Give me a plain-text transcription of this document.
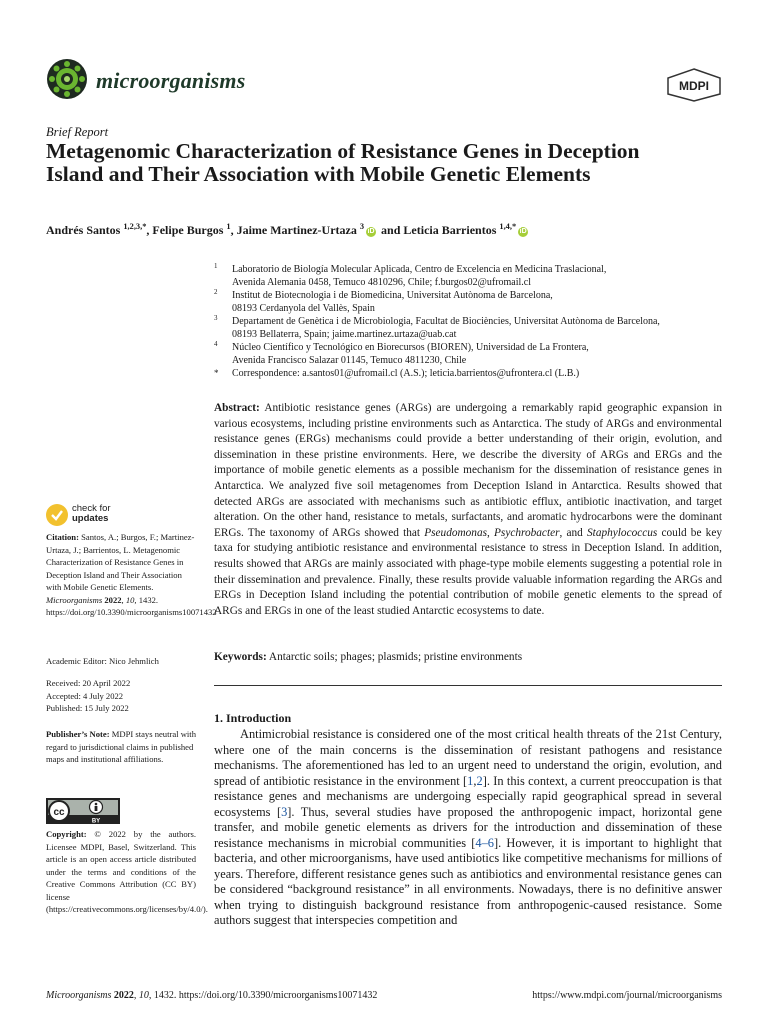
microorganisms	MDPI
Brief Report
Metagenomic Characterization of Resistance Genes in Deception Island and Their Association with Mobile Genetic Elements
Andrés Santos $^{1,2,3,*}$, Felipe Burgos $^1$, Jaime Martinez-Urtaza $^3$iD and Leticia Barrientos $^{1,4,*}$iD
1 Laboratorio de Biología Molecular Aplicada, Centro de Excelencia en Medicina Traslacional,
Avenida Alemania 0458, Temuco 4810296, Chile; f.burgos02@ufromail.cl
2 Institut de Biotecnologia i de Biomedicina, Universitat Autònoma de Barcelona,
08193 Cerdanyola del Vallès, Spain
3 Departament de Genètica i de Microbiologia, Facultat de Biociències, Universitat Autònoma de Barcelona,
08193 Bellaterra, Spain; jaime.martinez.urtaza@uab.cat
4 Núcleo Científico y Tecnológico en Biorecursos (BIOREN), Universidad de La Frontera,
Avenida Francisco Salazar 01145, Temuco 4811230, Chile
* Correspondence: a.santos01@ufromail.cl (A.S.); leticia.barrientos@ufrontera.cl (L.B.)
Abstract: Antibiotic resistance genes (ARGs) are undergoing a remarkably rapid geographic expansion in various ecosystems, including pristine environments such as Antarctica. The study of ARGs and environmental resistance genes (ERGs) mechanisms could provide a better understanding of their origin, evolution, and dissemination in these pristine environments. Here, we describe the diversity of ARGs and ERGs and the importance of mobile genetic elements as a possible mechanism for the dissemination of resistance genes in Antarctica. We analyzed five soil metagenomes from Deception Island in Antarctica. Results showed that detected ARGs are associated with mechanisms such as antibiotic efflux, antibiotic inactivation, and target alteration. On the other hand, resistance to metals, surfactants, and aromatic hydrocarbons were the dominant ERGs. The taxonomy of ARGs showed that Pseudomonas, Psychrobacter, and Staphylococcus could be key taxa for studying antibiotic resistance and environmental resistance to stress in Deception Island. In addition, results showed that ARGs are mainly associated with phage-type mobile elements suggesting a potential role in their dissemination and prevalence. Finally, these results provide valuable information regarding the ARGs and ERGs in Deception Island including the potential contribution of mobile genetic elements to the spread of ARGs and ERGs in one of the least studied Antarctic ecosystems to date.
Keywords: Antarctic soils; phages; plasmids; pristine environments
1. Introduction

Antimicrobial resistance is considered one of the most critical health threats of the 21st Century, where one of the main concerns is the dissemination of resistant pathogens and resistance mechanisms. The aforementioned has led to an urgent need to understand the origin, evolution, and spread of antibiotic resistance in the environment [1,2]. In this context, a current preoccupation is that resistance genes and mechanisms are undergoing especially rapid geographical spread in several ecosystems [3]. Thus, several studies have proposed the anthropogenic impact, horizontal gene transfer, and mobile genetic elements as drivers for the introduction and dissemination of these resistance mechanisms in microbial communities [4–6]. However, it is important to highlight that bacteria, and other microorganisms, have used antibiotics like competitive mechanisms for millions of years. Therefore, different resistance genes such as antibiotics and environmental resistance genes can be considered “background resistance” in all environments. Nowadays, there is no definitive answer when trying to distinguish background resistance from anthropogenic-caused resistance. Some authors suggest that interspecies competition and

check for
updates
Citation: Santos, A.; Burgos, F.; Martinez-Urtaza, J.; Barrientos, L. Metagenomic Characterization of Resistance Genes in Deception Island and Their Association with Mobile Genetic Elements. Microorganisms 2022, 10, 1432. https://doi.org/10.3390/microorganisms10071432
Academic Editor: Nico Jehmlich
Received: 20 April 2022
Accepted: 4 July 2022
Published: 15 July 2022
Publisher’s Note: MDPI stays neutral with regard to jurisdictional claims in published maps and institutional affiliations.
cc
BY
Copyright: © 2022 by the authors. Licensee MDPI, Basel, Switzerland. This article is an open access article distributed under the terms and conditions of the Creative Commons Attribution (CC BY) license (https://creativecommons.org/licenses/by/4.0/).
Microorganisms 2022, 10, 1432. https://doi.org/10.3390/microorganisms10071432	https://www.mdpi.com/journal/microorganisms
